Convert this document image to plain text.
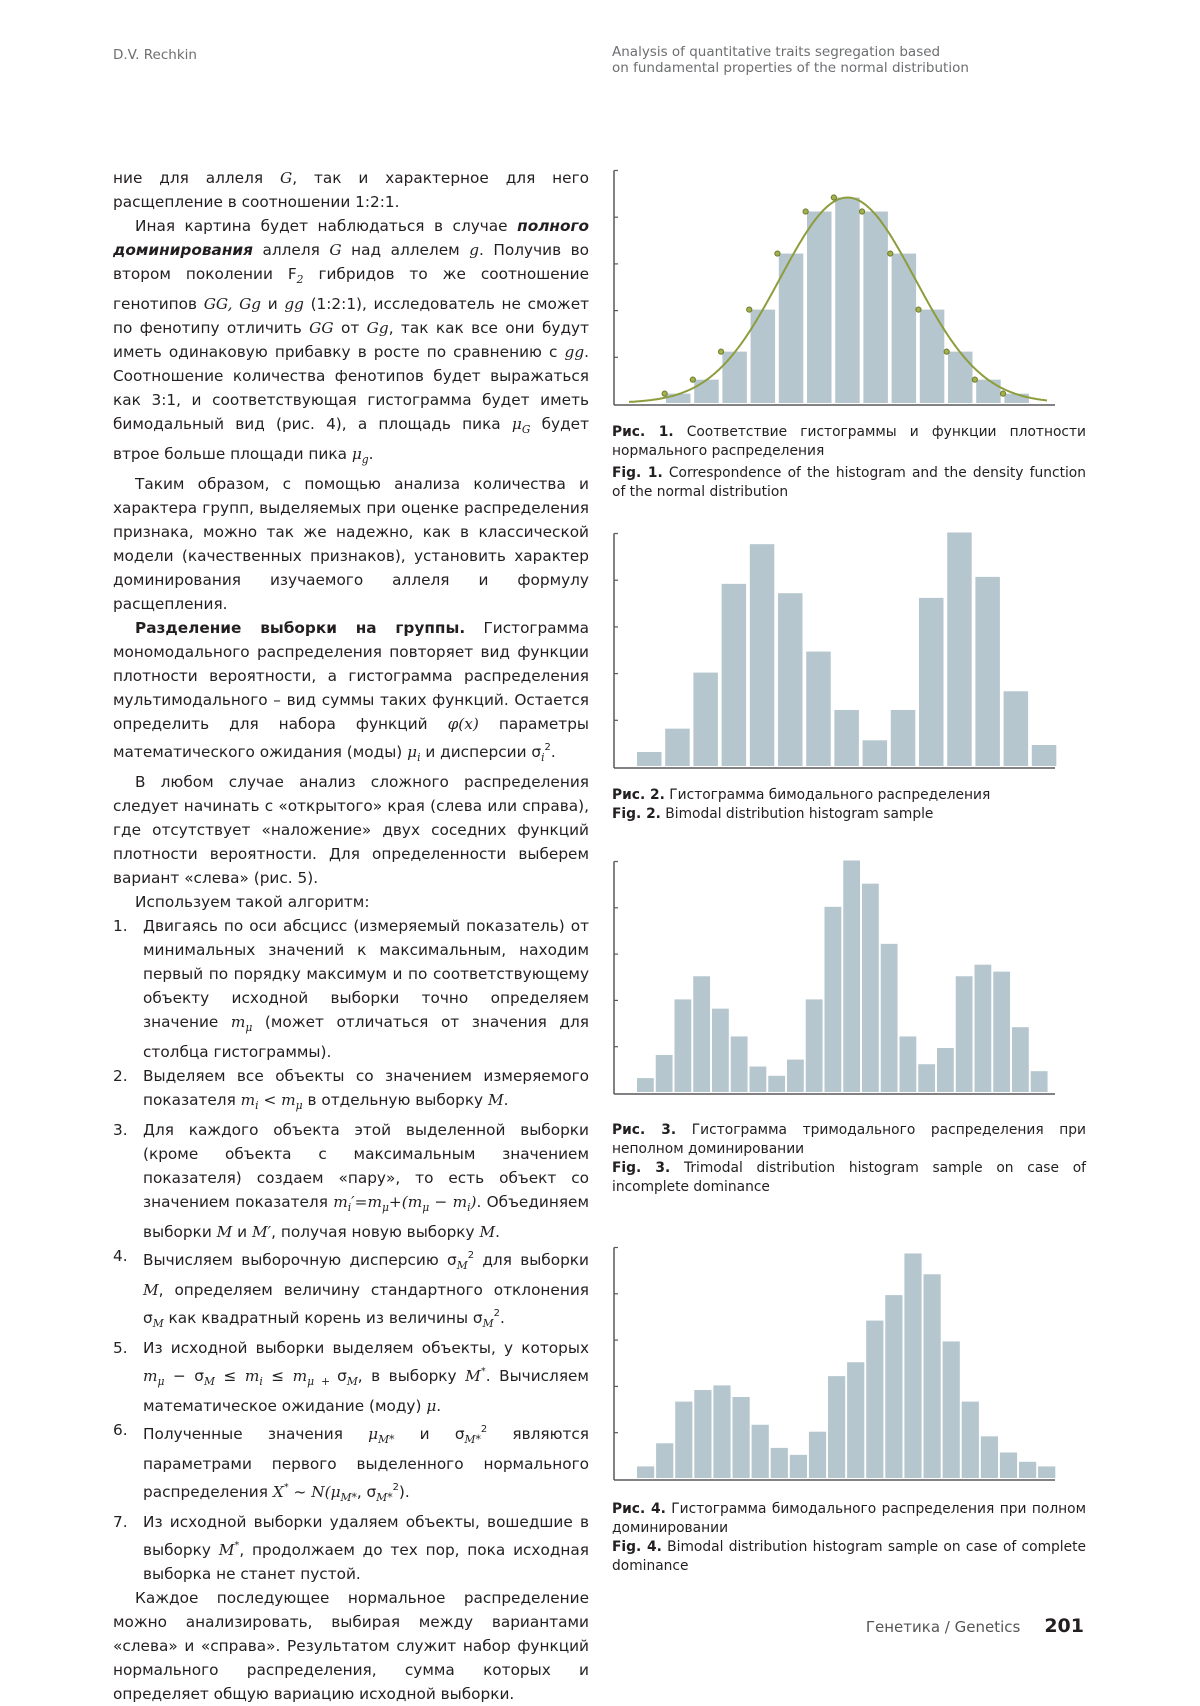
D.V. Rechkin	Analysis of quantitative traits segregation based
on fundamental properties of the normal distribution

ние для аллеля G, так и характерное для него расщепление в соотношении 1:2:1.

Иная картина будет наблюдаться в случае полного доминирования аллеля G над аллелем g. Получив во втором поколении F2 гибридов то же соотношение генотипов GG, Gg и gg (1:2:1), исследователь не сможет по фенотипу отличить GG от Gg, так как все они будут иметь одинаковую прибавку в росте по сравнению с gg. Соотношение количества фенотипов будет выражаться как 3:1, и соответствующая гистограмма будет иметь бимодальный вид (рис. 4), а площадь пика μG будет втрое больше площади пика μg.

Таким образом, с помощью анализа количества и характера групп, выделяемых при оценке распределения признака, можно так же надежно, как в классической модели (качественных признаков), установить характер доминирования изучаемого аллеля и формулу расщепления.

Разделение выборки на группы. Гистограмма мономодального распределения повторяет вид функции плотности вероятности, а гистограмма распределения мультимодального – вид суммы таких функций. Остается определить для набора функций φ(x) параметры математического ожидания (моды) μi и дисперсии σi2.

В любом случае анализ сложного распределения следует начинать с «открытого» края (слева или справа), где отсутствует «наложение» двух соседних функций плотности вероятности. Для определенности выберем вариант «слева» (рис. 5).

Используем такой алгоритм:

1. Двигаясь по оси абсцисс (измеряемый показатель) от минимальных значений к максимальным, находим первый по порядку максимум и по соответствующему объекту исходной выборки точно определяем значение mμ (может отличаться от значения для столбца гистограммы).
2. Выделяем все объекты со значением измеряемого показателя mi < mμ в отдельную выборку M.
3. Для каждого объекта этой выделенной выборки (кроме объекта с максимальным значением показателя) создаем «пару», то есть объект со значением показателя mi′=mμ+(mμ − mi). Объединяем выборки M и M′, получая новую выборку M.
4. Вычисляем выборочную дисперсию σM2 для выборки M, определяем величину стандартного отклонения σM как квадратный корень из величины σM2.
5. Из исходной выборки выделяем объекты, у которых mμ − σM ≤ mi ≤ mμ + σM, в выборку M*. Вычисляем математическое ожидание (моду) μ.
6. Полученные значения μM* и σM*2 являются параметрами первого выделенного нормального распределения X* ~ N(μM*, σM*2).
7. Из исходной выборки удаляем объекты, вошедшие в выборку M*, продолжаем до тех пор, пока исходная выборка не станет пустой.

Каждое последующее нормальное распределение можно анализировать, выбирая между вариантами «слева» и «справа». Результатом служит набор функций нормального распределения, сумма которых и определяет общую вариацию исходной выборки.

Рис. 1. Соответствие гистограммы и функции плотности нормального распределения

Fig. 1. Correspondence of the histogram and the density function of the normal distribution

Рис. 2. Гистограмма бимодального распределения

Fig. 2. Bimodal distribution histogram sample

Рис. 3. Гистограмма тримодального распределения при неполном доминировании

Fig. 3. Trimodal distribution histogram sample on case of incomplete dominance

Рис. 4. Гистограмма бимодального распределения при полном доминировании

Fig. 4. Bimodal distribution histogram sample on case of complete dominance

Генетика / Genetics 201
